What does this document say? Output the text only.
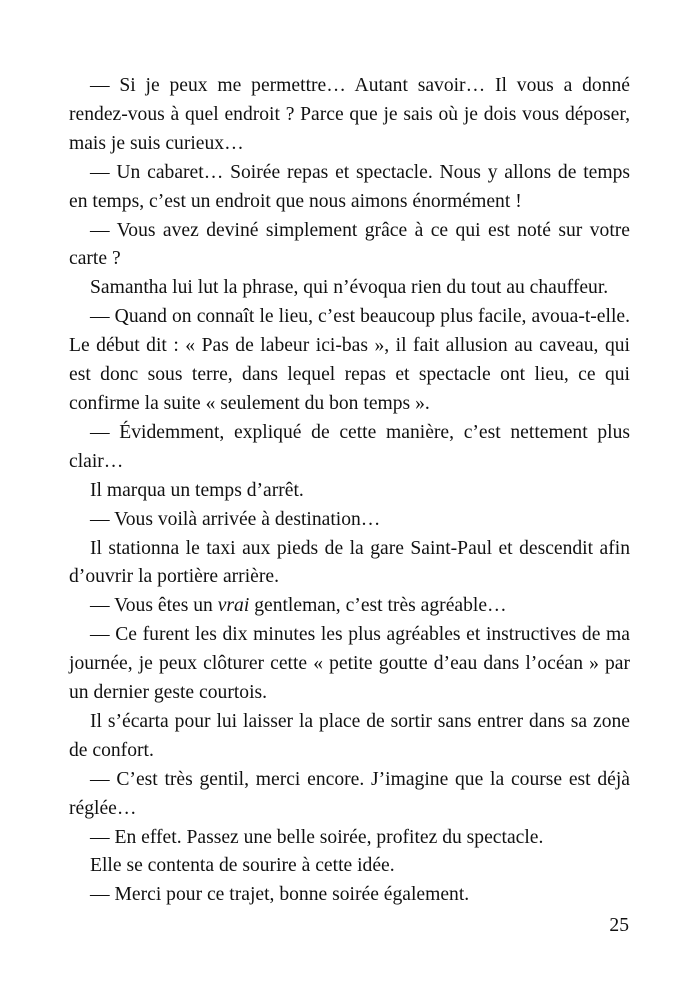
— Si je peux me permettre… Autant savoir… Il vous a donné rendez-vous à quel endroit ? Parce que je sais où je dois vous déposer, mais je suis curieux…

— Un cabaret… Soirée repas et spectacle. Nous y allons de temps en temps, c’est un endroit que nous aimons énormément !

— Vous avez deviné simplement grâce à ce qui est noté sur votre carte ?

Samantha lui lut la phrase, qui n’évoqua rien du tout au chauffeur.

— Quand on connaît le lieu, c’est beaucoup plus facile, avoua-t-elle. Le début dit : « Pas de labeur ici-bas », il fait allusion au caveau, qui est donc sous terre, dans lequel repas et spectacle ont lieu, ce qui confirme la suite « seulement du bon temps ».

— Évidemment, expliqué de cette manière, c’est nettement plus clair…

Il marqua un temps d’arrêt.

— Vous voilà arrivée à destination…

Il stationna le taxi aux pieds de la gare Saint-Paul et descendit afin d’ouvrir la portière arrière.

— Vous êtes un vrai gentleman, c’est très agréable…

— Ce furent les dix minutes les plus agréables et instructives de ma journée, je peux clôturer cette « petite goutte d’eau dans l’océan » par un dernier geste courtois.

Il s’écarta pour lui laisser la place de sortir sans entrer dans sa zone de confort.

— C’est très gentil, merci encore. J’imagine que la course est déjà réglée…

— En effet. Passez une belle soirée, profitez du spectacle.

Elle se contenta de sourire à cette idée.

— Merci pour ce trajet, bonne soirée également.

25
